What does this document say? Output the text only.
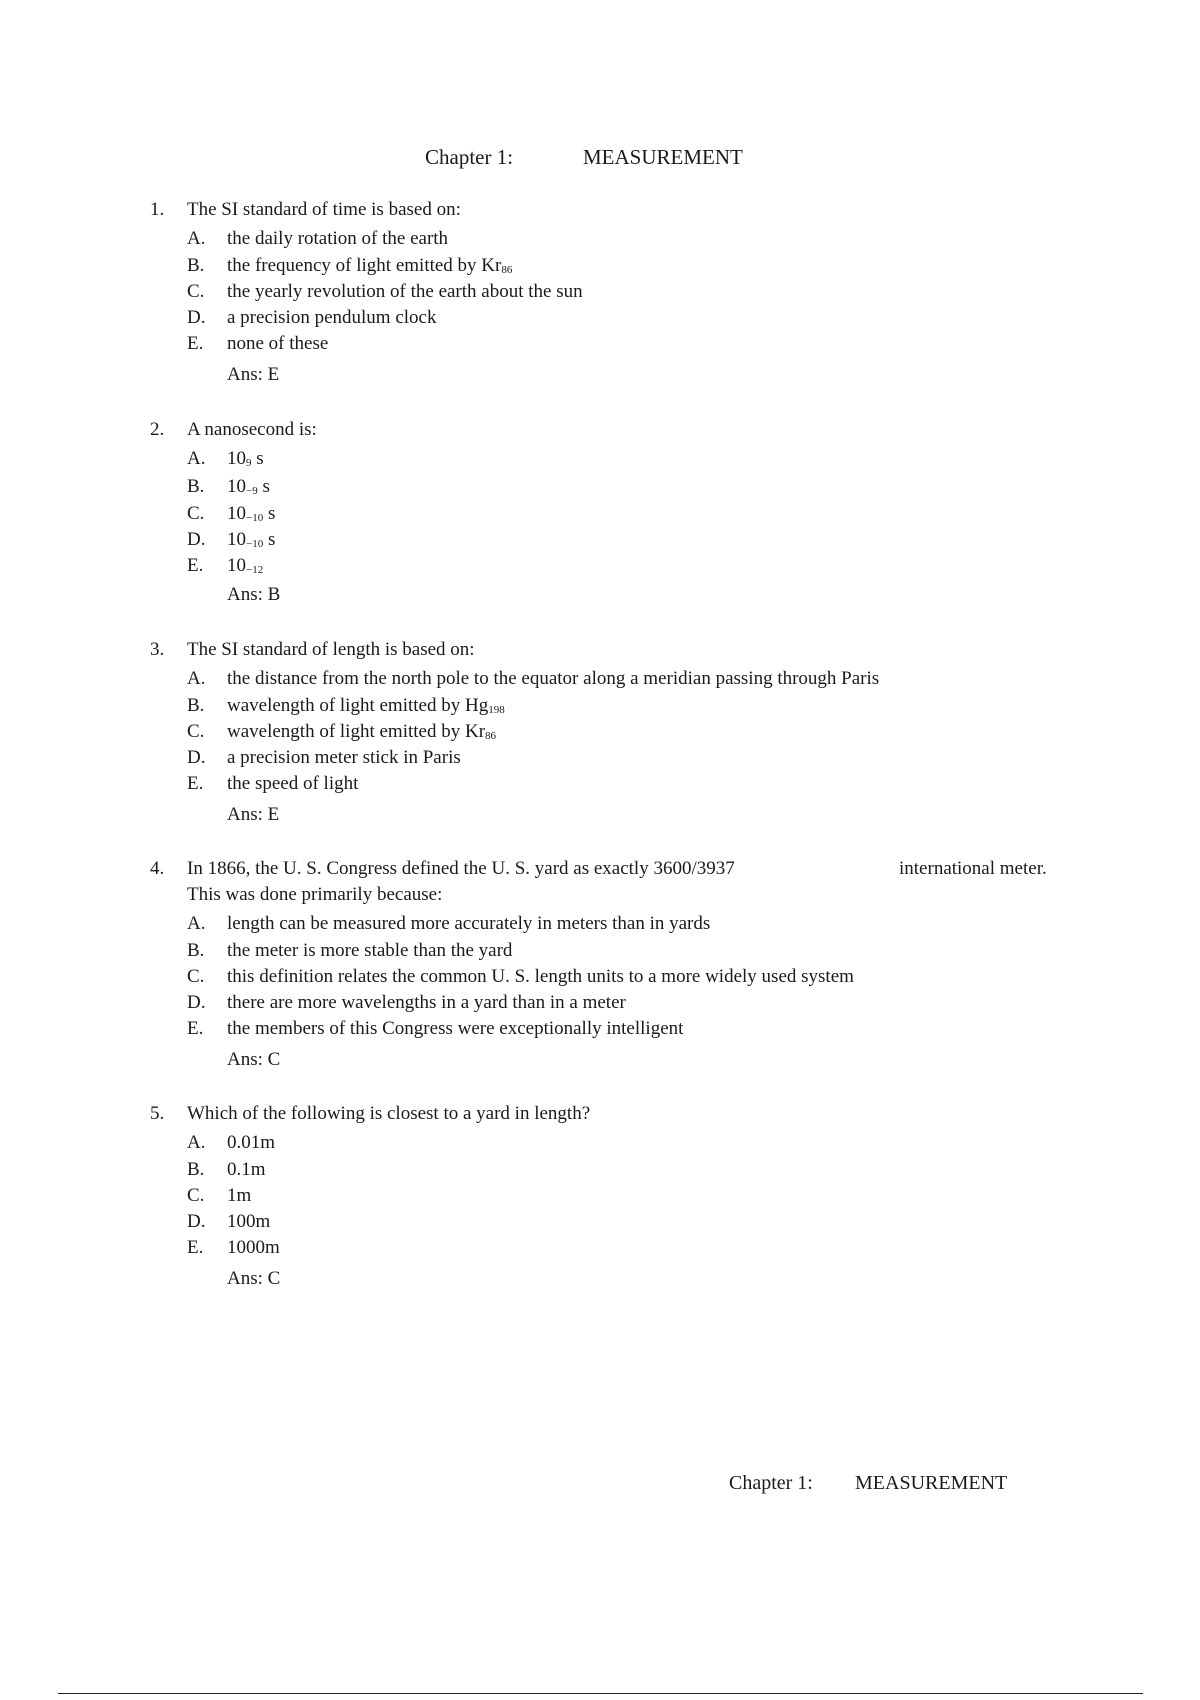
Chapter 1:	MEASUREMENT
1.	The SI standard of time is based on:
A. the daily rotation of the earth
B. the frequency of light emitted by $Kr_{86}$
C. the yearly revolution of the earth about the sun
D. a precision pendulum clock
E. none of these
Ans: E
2.	A nanosecond is:
A. $10_9$ s
B. $10_{-9}$ s
C. $10_{-10}$ s
D. $10_{-10}$ s
E. $10_{-12}$
Ans: B
3.	The SI standard of length is based on:
A. the distance from the north pole to the equator along a meridian passing through Paris
B. wavelength of light emitted by $Hg_{198}$
C. wavelength of light emitted by $Kr_{86}$
D. a precision meter stick in Paris
E. the speed of light
Ans: E
4.	In 1866, the U. S. Congress defined the U. S. yard as exactly 3600/3937	international meter.
This was done primarily because:
A. length can be measured more accurately in meters than in yards
B. the meter is more stable than the yard
C. this definition relates the common U. S. length units to a more widely used system
D. there are more wavelengths in a yard than in a meter
E. the members of this Congress were exceptionally intelligent
Ans: C
5.	Which of the following is closest to a yard in length?
A. 0.01m
B. 0.1m
C. 1m
D. 100m
E. 1000m
Ans: C
Chapter 1: MEASUREMENT
